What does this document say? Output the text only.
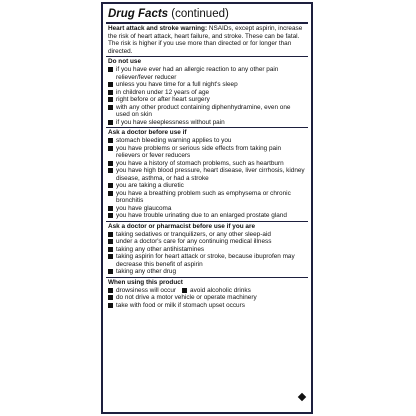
Drug Facts (continued)
Heart attack and stroke warning: NSAIDs, except aspirin, increase the risk of heart attack, heart failure, and stroke. These can be fatal. The risk is higher if you use more than directed or for longer than directed.
Do not use
if you have ever had an allergic reaction to any other pain reliever/fever reducer
unless you have time for a full night's sleep
in children under 12 years of age
right before or after heart surgery
with any other product containing diphenhydramine, even one used on skin
if you have sleeplessness without pain
Ask a doctor before use if
stomach bleeding warning applies to you
you have problems or serious side effects from taking pain relievers or fever reducers
you have a history of stomach problems, such as heartburn
you have high blood pressure, heart disease, liver cirrhosis, kidney disease, asthma, or had a stroke
you are taking a diuretic
you have a breathing problem such as emphysema or chronic bronchitis
you have glaucoma
you have trouble urinating due to an enlarged prostate gland
Ask a doctor or pharmacist before use if you are
taking sedatives or tranquilizers, or any other sleep-aid
under a doctor's care for any continuing medical illness
taking any other antihistamines
taking aspirin for heart attack or stroke, because ibuprofen may decrease this benefit of aspirin
taking any other drug
When using this product
drowsiness will occur avoid alcoholic drinks
do not drive a motor vehicle or operate machinery
take with food or milk if stomach upset occurs
